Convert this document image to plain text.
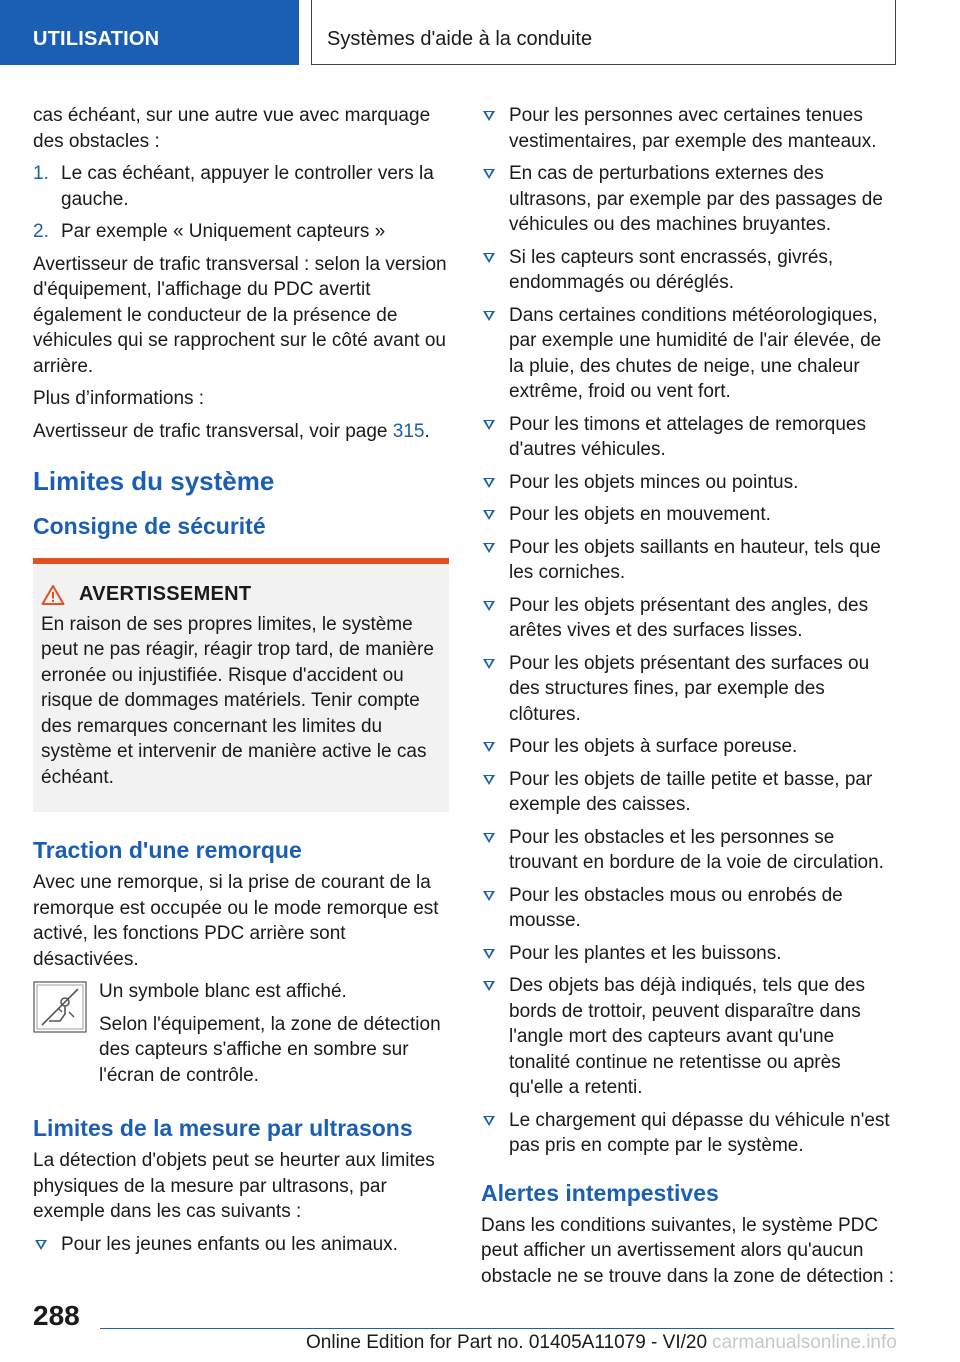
UTILISATION	Systèmes d'aide à la conduite

cas échéant, sur une autre vue avec marquage des obstacles :

1. Le cas échéant, appuyer le controller vers la gauche.
2. Par exemple « Uniquement capteurs »

Avertisseur de trafic transversal : selon la version d'équipement, l'affichage du PDC avertit également le conducteur de la présence de véhicules qui se rapprochent sur le côté avant ou arrière.

Plus d’informations :

Avertisseur de trafic transversal, voir page 315.

Limites du système
Consigne de sécurité
AVERTISSEMENT
En raison de ses propres limites, le système peut ne pas réagir, réagir trop tard, de manière erronée ou injustifiée. Risque d'accident ou risque de dommages matériels. Tenir compte des remarques concernant les limites du système et intervenir de manière active le cas échéant.
Traction d'une remorque

Avec une remorque, si la prise de courant de la remorque est occupée ou le mode remorque est activé, les fonctions PDC arrière sont désactivées.

Un symbole blanc est affiché.

Selon l'équipement, la zone de détection des capteurs s'affiche en sombre sur l'écran de contrôle.

Limites de la mesure par ultrasons

La détection d'objets peut se heurter aux limites physiques de la mesure par ultrasons, par exemple dans les cas suivants :

Pour les jeunes enfants ou les animaux.
Pour les personnes avec certaines tenues vestimentaires, par exemple des manteaux.
En cas de perturbations externes des ultrasons, par exemple par des passages de véhicules ou des machines bruyantes.
Si les capteurs sont encrassés, givrés, endommagés ou déréglés.
Dans certaines conditions météorologiques, par exemple une humidité de l'air élevée, de la pluie, des chutes de neige, une chaleur extrême, froid ou vent fort.
Pour les timons et attelages de remorques d'autres véhicules.
Pour les objets minces ou pointus.
Pour les objets en mouvement.
Pour les objets saillants en hauteur, tels que les corniches.
Pour les objets présentant des angles, des arêtes vives et des surfaces lisses.
Pour les objets présentant des surfaces ou des structures fines, par exemple des clôtures.
Pour les objets à surface poreuse.
Pour les objets de taille petite et basse, par exemple des caisses.
Pour les obstacles et les personnes se trouvant en bordure de la voie de circulation.
Pour les obstacles mous ou enrobés de mousse.
Pour les plantes et les buissons.
Des objets bas déjà indiqués, tels que des bords de trottoir, peuvent disparaître dans l'angle mort des capteurs avant qu'une tonalité continue ne retentisse ou après qu'elle a retenti.
Le chargement qui dépasse du véhicule n'est pas pris en compte par le système.
Alertes intempestives

Dans les conditions suivantes, le système PDC peut afficher un avertissement alors qu'aucun obstacle ne se trouve dans la zone de détection :

288
Online Edition for Part no. 01405A11079 - VI/20 carmanualsonline.info
